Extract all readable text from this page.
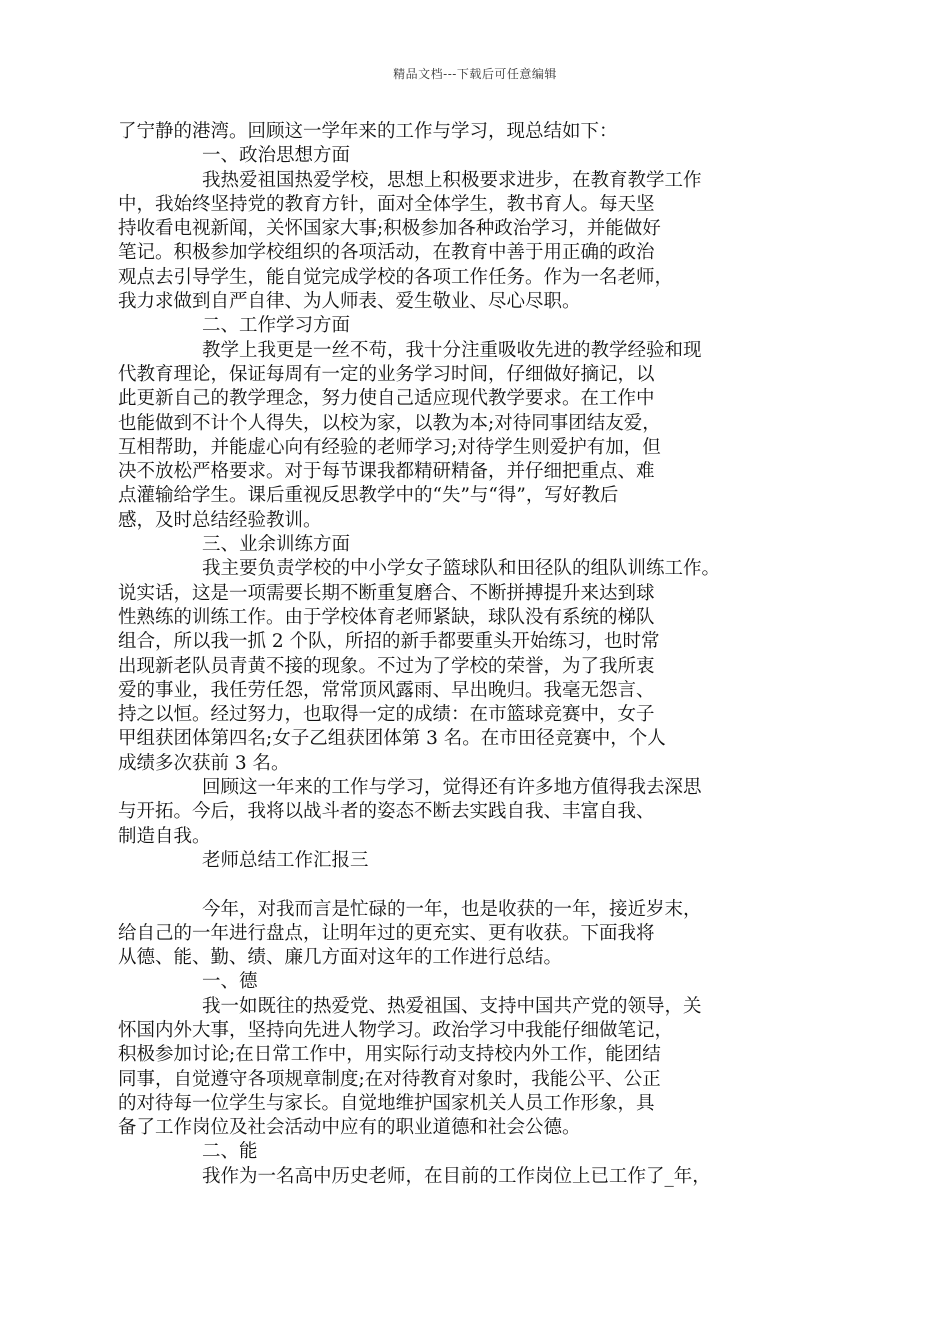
精品文档---下载后可任意编辑
了宁静的港湾。回顾这一学年来的工作与学习，现总结如下：
一、政治思想方面
我热爱祖国热爱学校，思想上积极要求进步，在教育教学工作
中，我始终坚持党的教育方针，面对全体学生，教书育人。每天坚
持收看电视新闻，关怀国家大事;积极参加各种政治学习，并能做好
笔记。积极参加学校组织的各项活动，在教育中善于用正确的政治
观点去引导学生，能自觉完成学校的各项工作任务。作为一名老师，
我力求做到自严自律、为人师表、爱生敬业、尽心尽职。
二、工作学习方面
教学上我更是一丝不苟，我十分注重吸收先进的教学经验和现
代教育理论，保证每周有一定的业务学习时间，仔细做好摘记，以
此更新自己的教学理念，努力使自己适应现代教学要求。在工作中
也能做到不计个人得失，以校为家，以教为本;对待同事团结友爱，
互相帮助，并能虚心向有经验的老师学习;对待学生则爱护有加，但
决不放松严格要求。对于每节课我都精研精备，并仔细把重点、难
点灌输给学生。课后重视反思教学中的“失”与“得”，写好教后
感，及时总结经验教训。
三、业余训练方面
我主要负责学校的中小学女子篮球队和田径队的组队训练工作。
说实话，这是一项需要长期不断重复磨合、不断拼搏提升来达到球
性熟练的训练工作。由于学校体育老师紧缺，球队没有系统的梯队
组合，所以我一抓 2 个队，所招的新手都要重头开始练习，也时常
出现新老队员青黄不接的现象。不过为了学校的荣誉，为了我所衷
爱的事业，我任劳任怨，常常顶风露雨、早出晚归。我毫无怨言、
持之以恒。经过努力，也取得一定的成绩：在市篮球竞赛中，女子
甲组获团体第四名;女子乙组获团体第 3 名。在市田径竞赛中，个人
成绩多次获前 3 名。
回顾这一年来的工作与学习，觉得还有许多地方值得我去深思
与开拓。今后，我将以战斗者的姿态不断去实践自我、丰富自我、
制造自我。
老师总结工作汇报三
今年，对我而言是忙碌的一年，也是收获的一年，接近岁末，
给自己的一年进行盘点，让明年过的更充实、更有收获。下面我将
从德、能、勤、绩、廉几方面对这年的工作进行总结。
一、德
我一如既往的热爱党、热爱祖国、支持中国共产党的领导，关
怀国内外大事，坚持向先进人物学习。政治学习中我能仔细做笔记，
积极参加讨论;在日常工作中，用实际行动支持校内外工作，能团结
同事，自觉遵守各项规章制度;在对待教育对象时，我能公平、公正
的对待每一位学生与家长。自觉地维护国家机关人员工作形象，具
备了工作岗位及社会活动中应有的职业道德和社会公德。
二、能
我作为一名高中历史老师，在目前的工作岗位上已工作了_年，
